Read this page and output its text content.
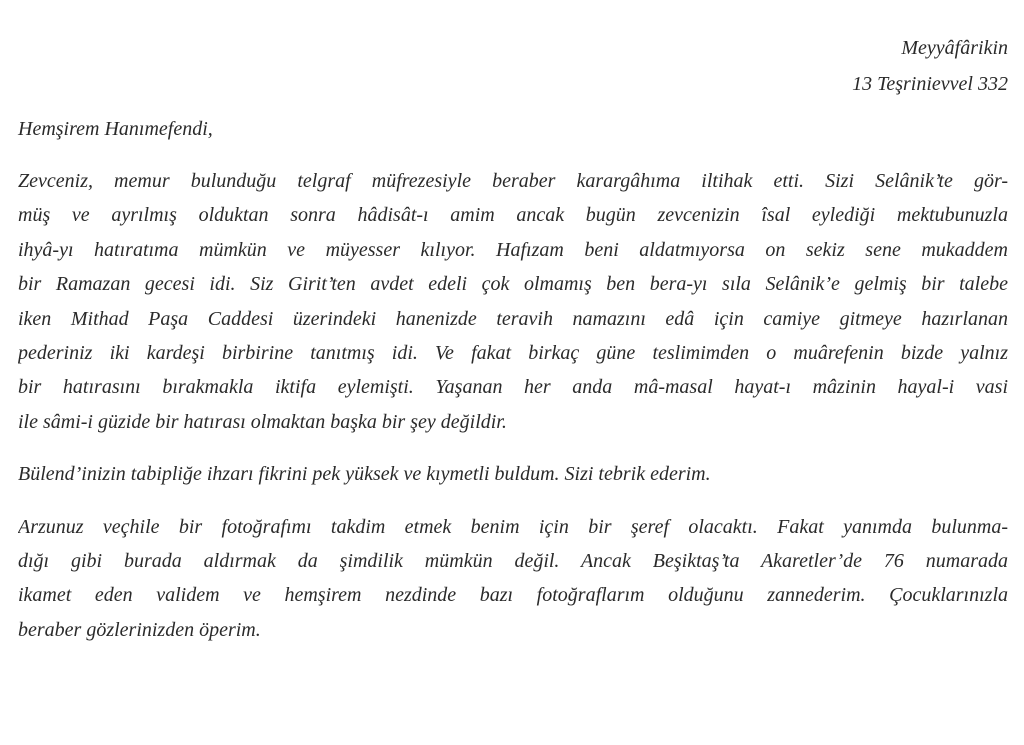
Meyyâfârikin
13 Teşrinievvel 332
Hemşirem Hanımefendi,

Zevceniz, memur bulunduğu telgraf müfrezesiyle beraber karargâhıma iltihak etti. Sizi Selânik’te gör-
müş ve ayrılmış olduktan sonra hâdisât-ı amim ancak bugün zevcenizin îsal eylediği mektubunuzla
ihyâ-yı hatıratıma mümkün ve müyesser kılıyor. Hafızam beni aldatmıyorsa on sekiz sene mukaddem
bir Ramazan gecesi idi. Siz Girit’ten avdet edeli çok olmamış ben bera-yı sıla Selânik’e gelmiş bir talebe
iken Mithad Paşa Caddesi üzerindeki hanenizde teravih namazını edâ için camiye gitmeye hazırlanan
pederiniz iki kardeşi birbirine tanıtmış idi. Ve fakat birkaç güne teslimimden o muârefenin bizde yalnız
bir hatırasını bırakmakla iktifa eylemişti. Yaşanan her anda mâ-masal hayat-ı mâzinin hayal-i vasi
ile sâmi-i güzide bir hatırası olmaktan başka bir şey değildir.

Bülend’inizin tabipliğe ihzarı fikrini pek yüksek ve kıymetli buldum. Sizi tebrik ederim.

Arzunuz veçhile bir fotoğrafımı takdim etmek benim için bir şeref olacaktı. Fakat yanımda bulunma-
dığı gibi burada aldırmak da şimdilik mümkün değil. Ancak Beşiktaş’ta Akaretler’de 76 numarada
ikamet eden validem ve hemşirem nezdinde bazı fotoğraflarım olduğunu zannederim. Çocuklarınızla
beraber gözlerinizden öperim.
